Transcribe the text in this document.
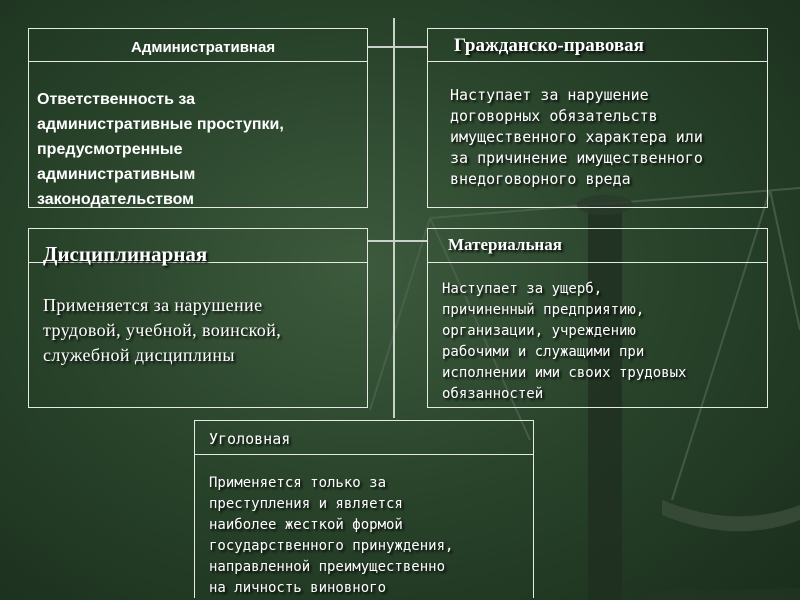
Административная
Ответственность за
административные проступки,
предусмотренные
административным
законодательством
Гражданско-правовая
Наступает за нарушение
договорных обязательств
имущественного характера или
за причинение имущественного
внедоговорного вреда
Дисциплинарная
Применяется за нарушение
трудовой, учебной, воинской,
служебной дисциплины
Материальная
Наступает за ущерб,
причиненный предприятию,
организации, учреждению
рабочими и служащими при
исполнении ими своих трудовых
обязанностей
Уголовная
Применяется только за
преступления и является
наиболее жесткой формой
государственного принуждения,
направленной преимущественно
на личность виновного
